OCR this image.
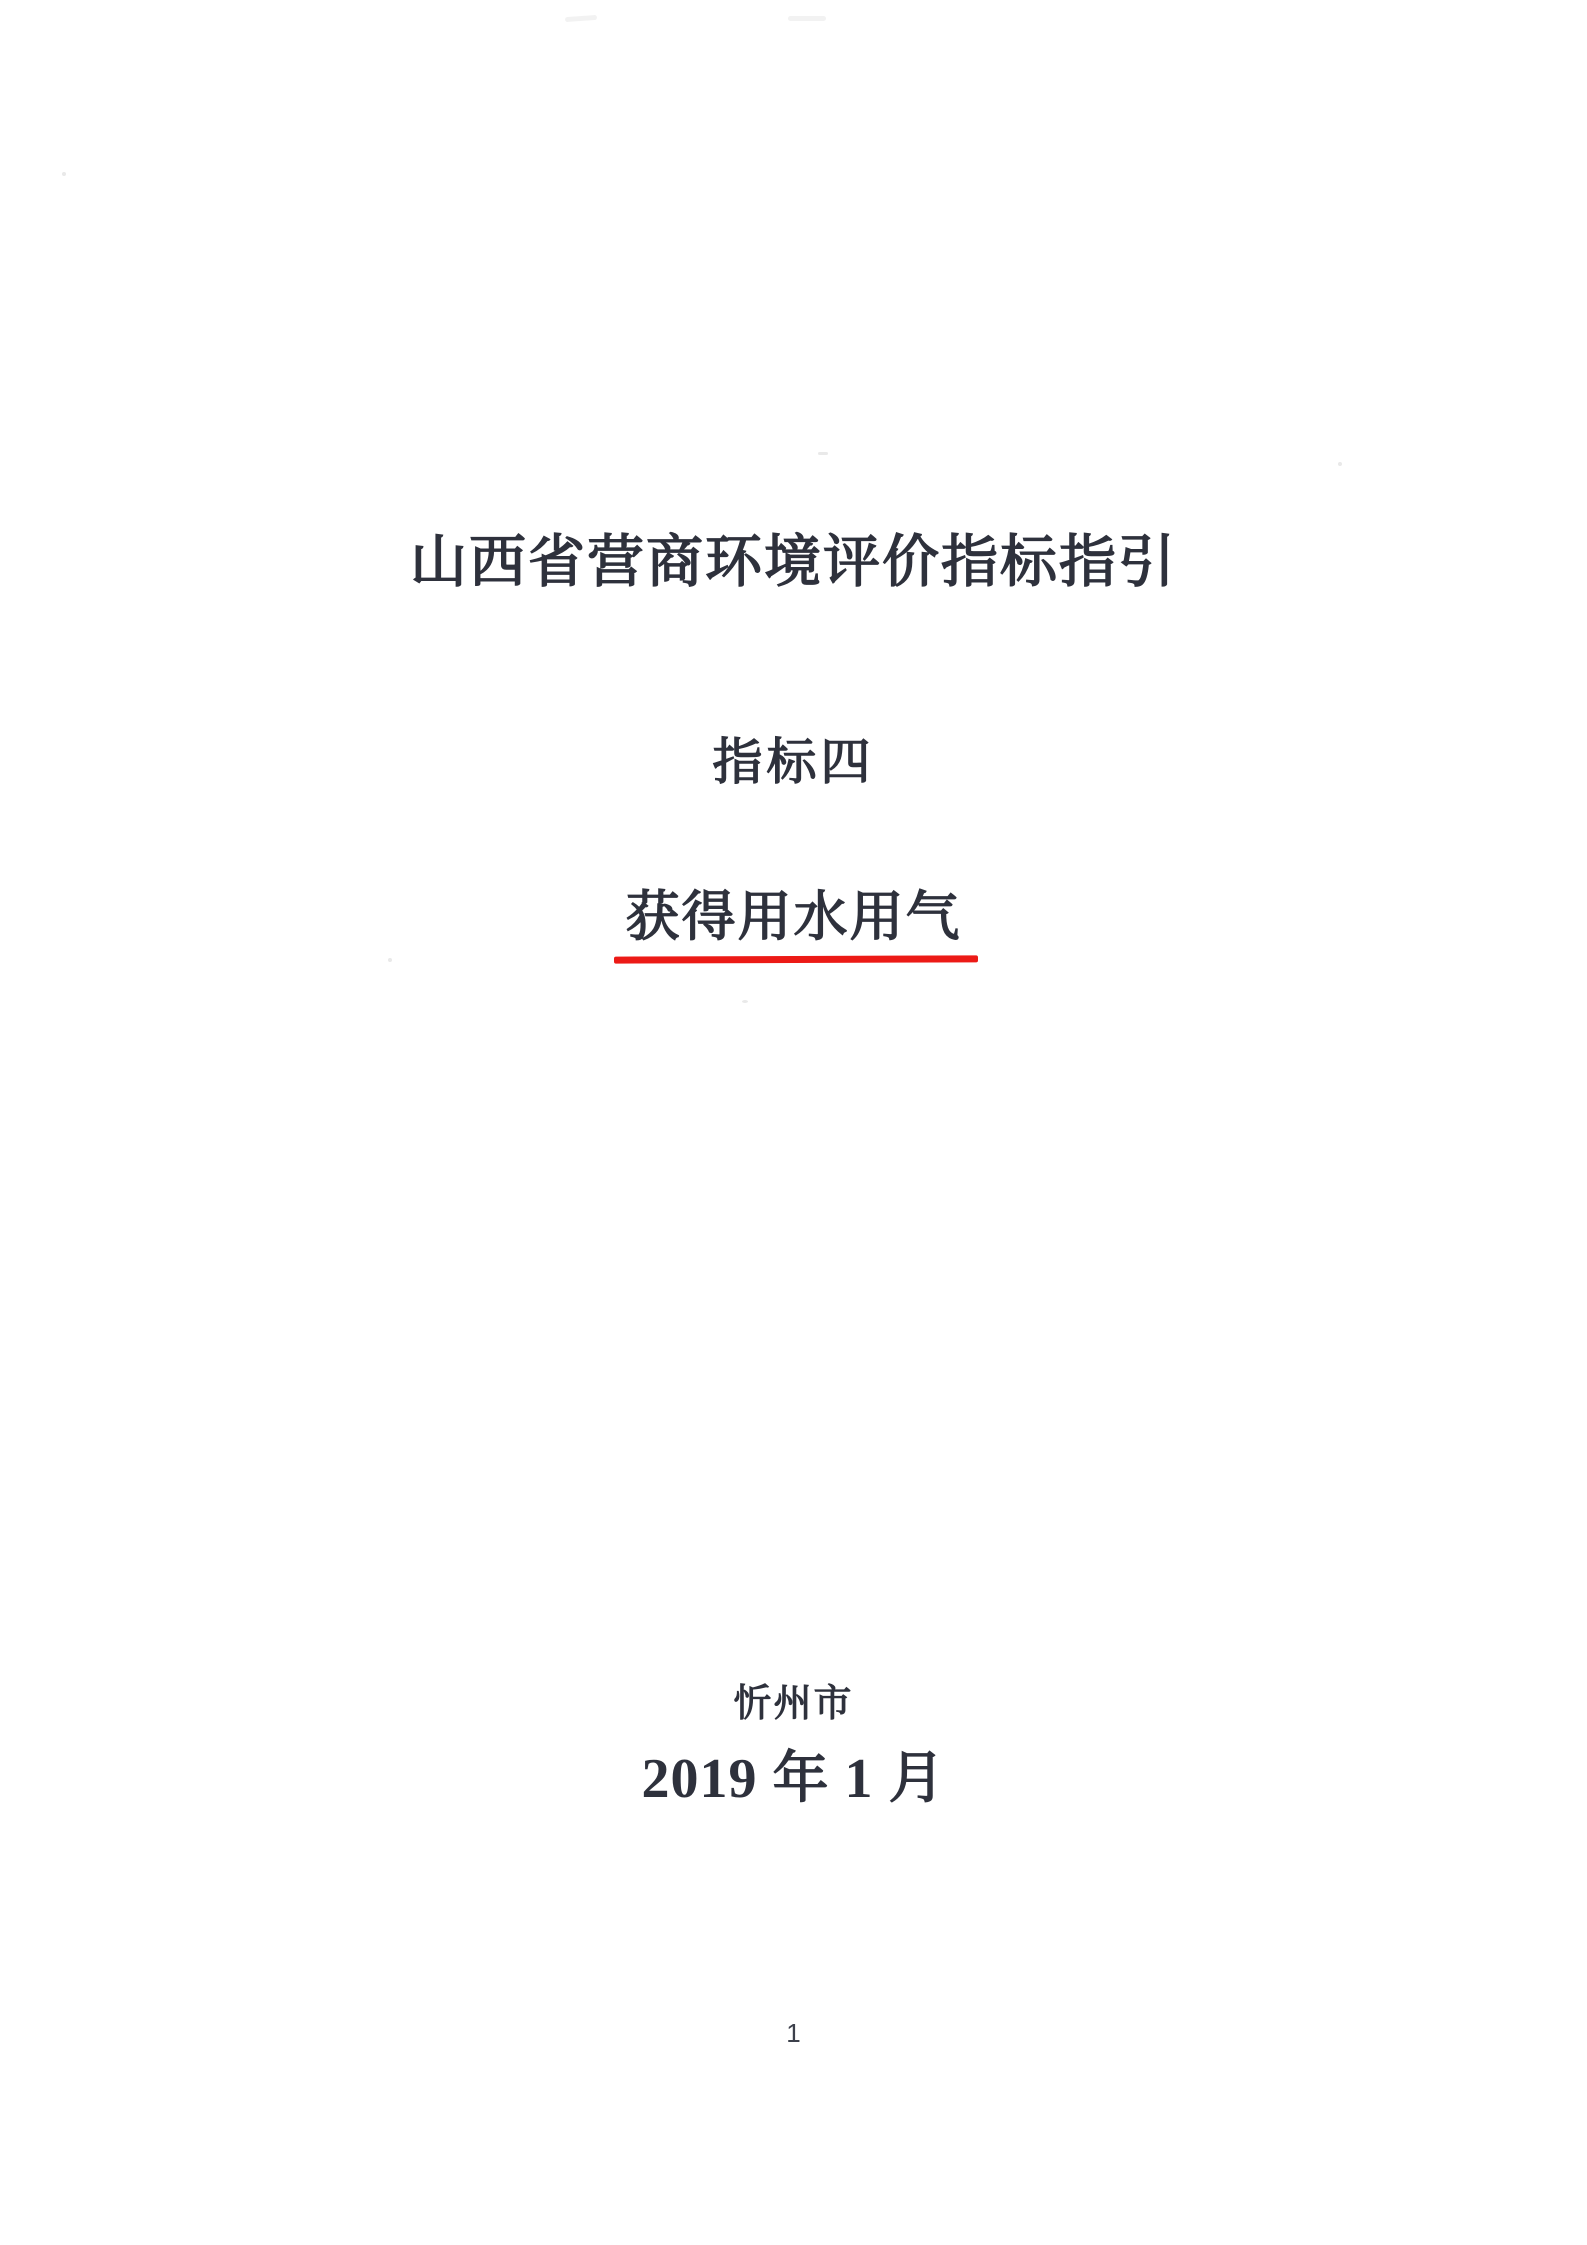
山西省营商环境评价指标指引
指标四
获得用水用气
忻州市
2019 年 1 月
1
